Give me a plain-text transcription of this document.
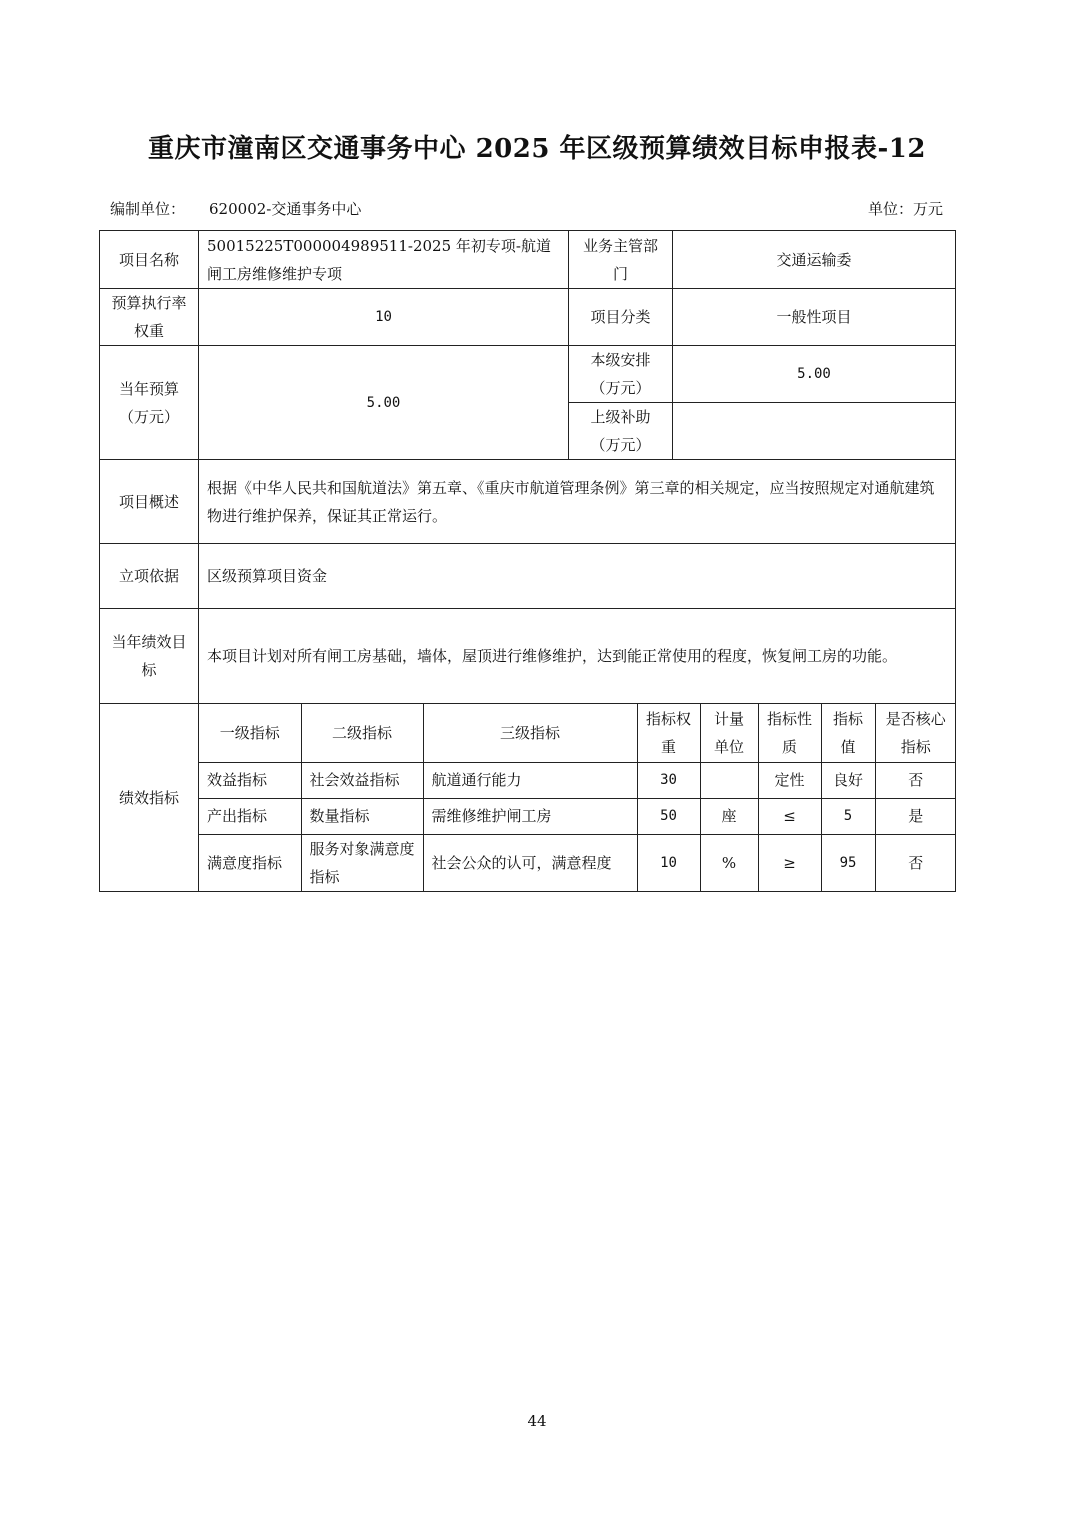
重庆市潼南区交通事务中心 2025 年区级预算绩效目标申报表-12
编制单位： 620002-交通事务中心	单位：万元
项目名称	50015225T000004989511-2025 年初专项-航道闸工房维修维护专项	业务主管部门	交通运输委
预算执行率权重	10	项目分类	一般性项目
当年预算（万元）	5.00	本级安排（万元）	5.00
上级补助（万元）	
项目概述	根据《中华人民共和国航道法》第五章、《重庆市航道管理条例》第三章的相关规定，应当按照规定对通航建筑物进行维护保养，保证其正常运行。
立项依据	区级预算项目资金
当年绩效目标	本项目计划对所有闸工房基础，墙体，屋顶进行维修维护，达到能正常使用的程度，恢复闸工房的功能。
绩效指标	
一级指标	二级指标	三级指标	指标权重	计量单位	指标性质	指标值	是否核心指标
效益指标	社会效益指标	航道通行能力	30		定性	良好	否
产出指标	数量指标	需维修维护闸工房	50	座	≤	5	是
满意度指标	服务对象满意度指标	社会公众的认可，满意程度	10	%	≥	95	否
44
